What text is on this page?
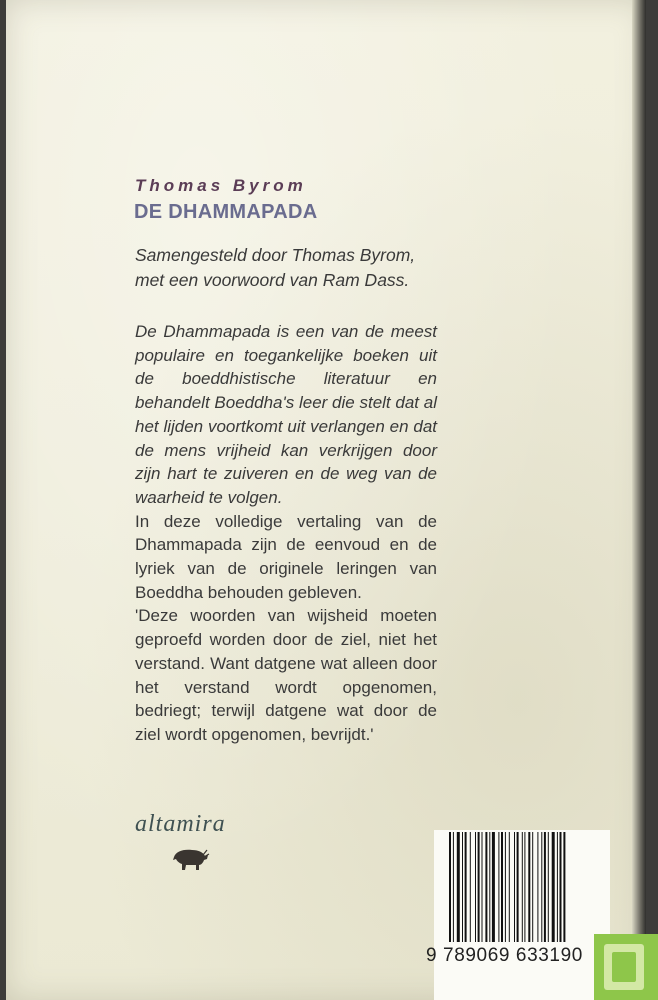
Thomas Byrom
DE DHAMMAPADA
Samengesteld door Thomas Byrom,
met een voorwoord van Ram Dass.

De Dhammapada is een van de meest populaire en toegankelijke boeken uit de boeddhistische literatuur en behandelt Boeddha's leer die stelt dat al het lijden voortkomt uit verlangen en dat de mens vrijheid kan verkrijgen door zijn hart te zuiveren en de weg van de waarheid te volgen.

In deze volledige vertaling van de Dhammapada zijn de eenvoud en de lyriek van de originele leringen van Boeddha behouden gebleven.

'Deze woorden van wijsheid moeten geproefd worden door de ziel, niet het verstand. Want datgene wat alleen door het verstand wordt opgenomen, bedriegt; terwijl datgene wat door de ziel wordt opgenomen, bevrijdt.'

altamira

9 789069 633190
